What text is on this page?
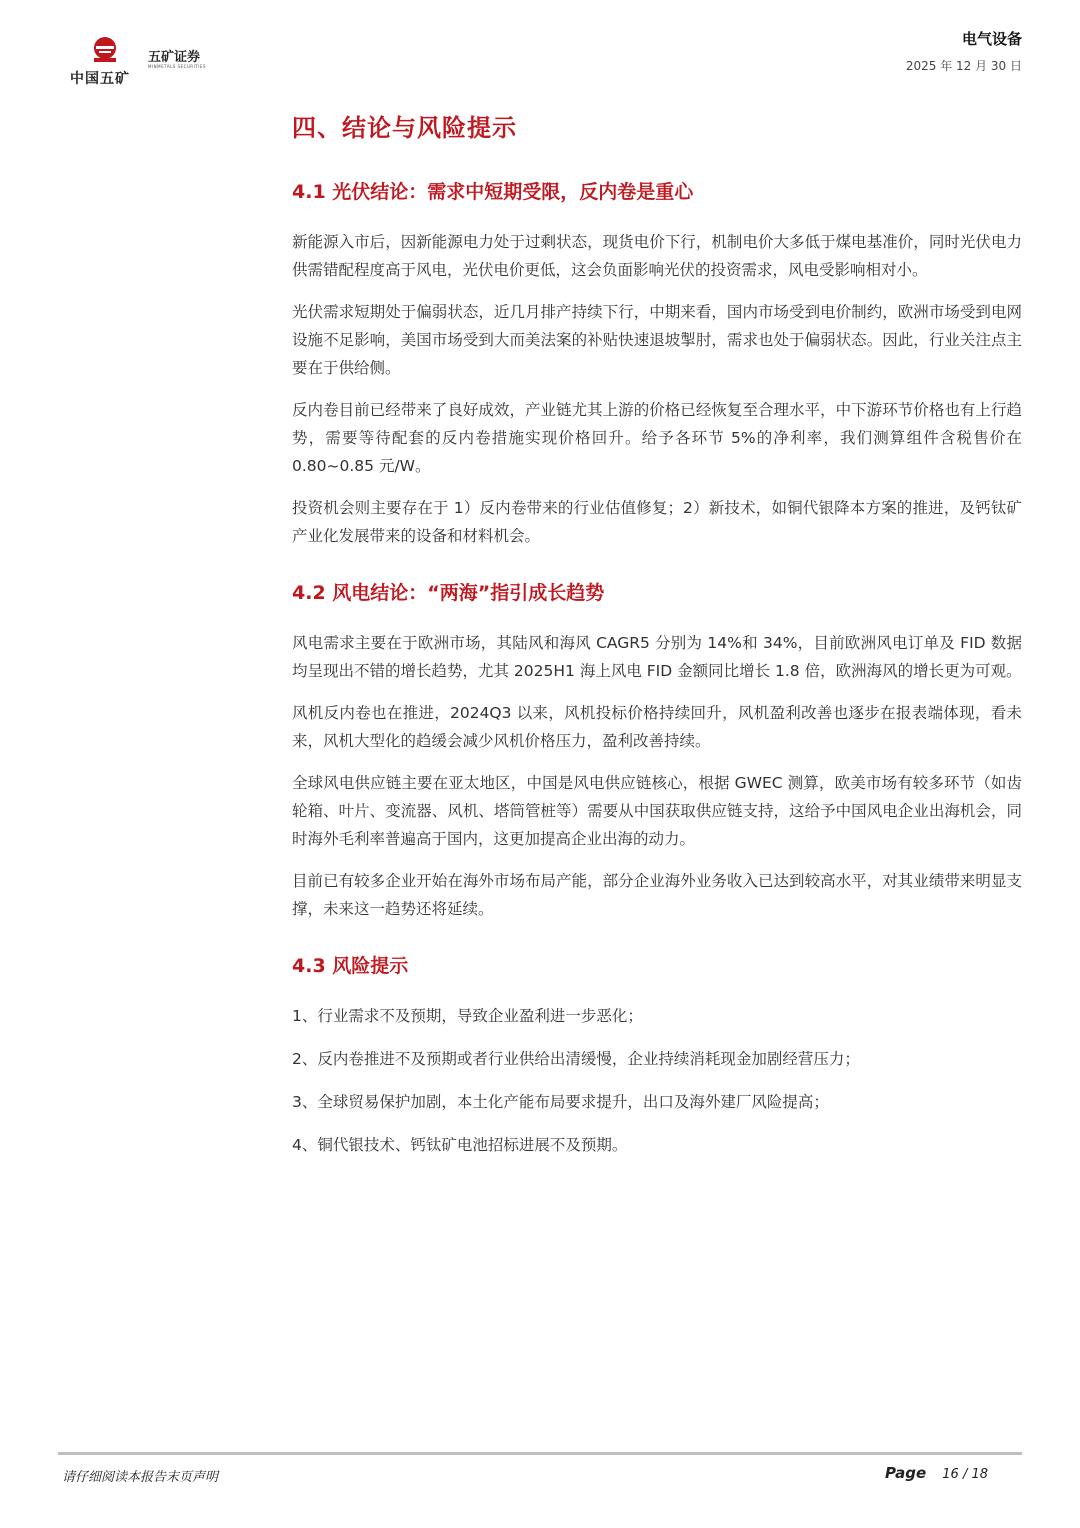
中国五矿
五矿证券
MINMETALS SECURITIES
电气设备
2025 年 12 月 30 日
四、结论与风险提示
4.1 光伏结论：需求中短期受限，反内卷是重心

新能源入市后，因新能源电力处于过剩状态，现货电价下行，机制电价大多低于煤电基准价，同时光伏电力供需错配程度高于风电，光伏电价更低，这会负面影响光伏的投资需求，风电受影响相对小。

光伏需求短期处于偏弱状态，近几月排产持续下行，中期来看，国内市场受到电价制约，欧洲市场受到电网设施不足影响，美国市场受到大而美法案的补贴快速退坡掣肘，需求也处于偏弱状态。因此，行业关注点主要在于供给侧。

反内卷目前已经带来了良好成效，产业链尤其上游的价格已经恢复至合理水平，中下游环节价格也有上行趋势，需要等待配套的反内卷措施实现价格回升。给予各环节 5%的净利率，我们测算组件含税售价在 0.80~0.85 元/W。

投资机会则主要存在于 1）反内卷带来的行业估值修复；2）新技术，如铜代银降本方案的推进，及钙钛矿产业化发展带来的设备和材料机会。

4.2 风电结论：“两海”指引成长趋势

风电需求主要在于欧洲市场，其陆风和海风 CAGR5 分别为 14%和 34%，目前欧洲风电订单及 FID 数据均呈现出不错的增长趋势，尤其 2025H1 海上风电 FID 金额同比增长 1.8 倍，欧洲海风的增长更为可观。

风机反内卷也在推进，2024Q3 以来，风机投标价格持续回升，风机盈利改善也逐步在报表端体现，看未来，风机大型化的趋缓会减少风机价格压力，盈利改善持续。

全球风电供应链主要在亚太地区，中国是风电供应链核心，根据 GWEC 测算，欧美市场有较多环节（如齿轮箱、叶片、变流器、风机、塔筒管桩等）需要从中国获取供应链支持，这给予中国风电企业出海机会，同时海外毛利率普遍高于国内，这更加提高企业出海的动力。

目前已有较多企业开始在海外市场布局产能，部分企业海外业务收入已达到较高水平，对其业绩带来明显支撑，未来这一趋势还将延续。

4.3 风险提示
1、行业需求不及预期，导致企业盈利进一步恶化；
2、反内卷推进不及预期或者行业供给出清缓慢，企业持续消耗现金加剧经营压力；
3、全球贸易保护加剧，本土化产能布局要求提升，出口及海外建厂风险提高；
4、铜代银技术、钙钛矿电池招标进展不及预期。
请仔细阅读本报告末页声明	Page 16 / 18
